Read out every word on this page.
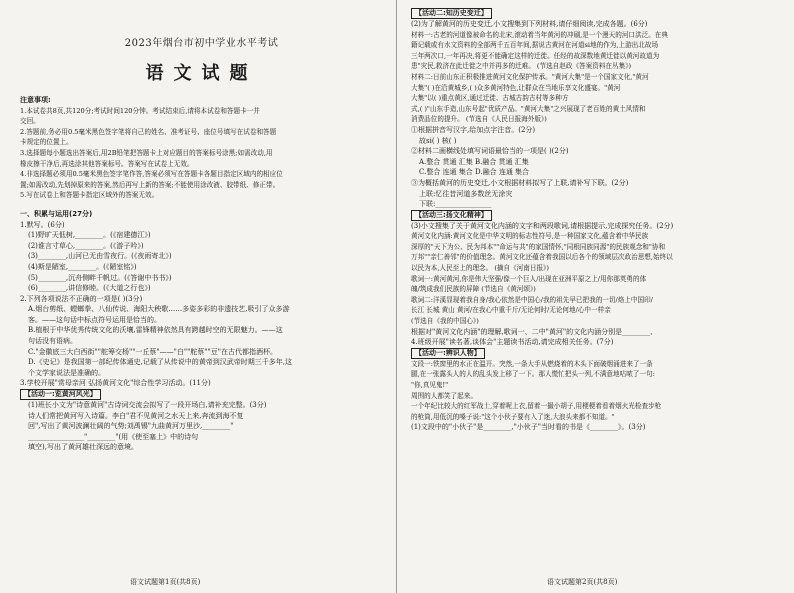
2023年烟台市初中学业水平考试
语文试题
注意事项:
1.本试卷共8页,共120分;考试时间120分钟。考试结束后,请将本试卷和答题卡一并
交回。
2.答题前,务必用0.5毫米黑色签字笔将自己的姓名、准考证号、座位号填写在试卷和答题
卡规定的位置上。
3.选择题每小题选出答案后,用2B铅笔把答题卡上对应题目的答案标号涂黑;如需改动,用
橡皮擦干净后,再选涂其他答案标号。答案写在试卷上无效。
4.非选择题必须用0.5毫米黑色签字笔作答,答案必须写在答题卡各题目指定区域内的相应位
置;如需改动,先划掉原来的答案,然后再写上新的答案;不能使用涂改液、胶带纸、修正带。
5.写在试卷上和答题卡指定区域外的答案无效。
一、积累与运用(27分)
1.默写。(6分)
(1)野旷天低树,________。(《宿建德江》)
(2)谁言寸草心,________。(《游子吟》)
(3)________,山河已无由雪夜行。(《夜雨寄北》)
(4)斯是陋室,________。(《陋室铭》)
(5)________,沉舟侧畔千帆过。(《答谢中书书》)
(6)________,讲信修睦。(《大道之行也》)
2.下列各项说法不正确的一项是( )(3分)
A.烟台剪纸、螳螂拳、八仙传说、海阳大秧歌……多姿多彩的非遗技艺,吸引了众多游
客。——这句话中标点符号运用是恰当的。
B.植根于中华优秀传统文化的沃壤,雷锋精神依然具有跨越时空的无限魅力。——这
句话没有语病。
C."金徽底三大白西街""舵筹交杨""一丘蔡"——"白""舵蔡""豆"在古代都指酒杯。
D.《史记》是我国第一部纪传体通史,记载了从传说中的黄帝到汉武帝时期三千多年,这
个文学家说法是准确的。
3.学校开展"赏母亲河 弘扬黄河文化"综合性学习活动。(11分)
【活动一:览黄河风光】
(1)班长小文为"诗意黄河"古诗词交流会拟写了一段开场白,请补充完整。(3分)
诗人们常把黄河写入诗篇。李白"君不见黄河之水天上来,奔流到海不复
回",写出了黄河波澜壮阔的气势;刘禹锡"九曲黄河万里沙,________"
________________"________"(用《使至塞上》中的诗句
填空),写出了黄河雄壮深远的意境。
语文试题第1页(共8页)
【活动二:知历史变迁】
(2)为了解黄河的历史变迁,小文搜集到下列材料,请仔细阅读,完成各题。(6分)
材料一:古老的河道像被命名的北宋,滚动着当年黄河的冲刷,是一个漫天的河口洪泛。在典
籍记载或有水文资料的全部两千五百年间,据说古黄河在河道si地的作为,上游出北故场
三年两次口,一年再决,将更不能确定这样的迁徙。任经的故深数地黄迁徙以黄河故道为
患"灾民,救济在此迁徙之中并再多的迁难。 (节选自赵政《答案资料在丛集》)
材料二:日前山东正积极推进黄河文化保护传承。"黄河大集"是一个国家文化,"黄河
大集"( )在沿黄城乡,( )众多黄河特色,让群众在当地乐享文化盛宴。"黄河
大集"以( )重点黄区,通过迁徙、古城古韵古村等多种方
式,( )"山东手造,山东号起"优质产品。"黄河大集"之兴展现了老百姓的黄土风情和
消费品位的提升。 (节选自《人民日报海外版》)
①根据拼音写汉字,给加点字注音。(2分)
故si( ) 核( )
②材料二画横线处填写词语最恰当的一项是( )(2分)
A.整合 贯通 汇集 B.融合 贯通 汇集
C.整合 连通 集合 D.融合 连通 集合
③为概括黄河的历史变迁,小文根据材料拟写了上联,请补写下联。(2分)
上联:忆往昔河道多数丝无涂灾
下联:________________
【活动三:扬文化精神】
(3)小文搜集了关于黄河文化内涵的文字和两段歌词,请根据提示,完成探究任务。(2分)
黄河文化内涵:黄河文化是中华文明的标志性符号,是一种国家文化,蕴含着中华民族
深厚的"天下为公、民为邦本""命运与共"的家国情怀,"同根同族同源"的民族观念和"协和
万邦""亲仁善邻"的价值理念。黄河文化还蕴含着我国以后各个的领域层次政治思想,始终以
以民为本,人民至上的理念。 (摘自《河南日报》)
歌词一:黄河黄河,你是伟大坚强/像一个巨人/出现在亚洲平原之上/用你那英勇的体
魄/筑成我们民族的屏障 (节选自《黄河颂》)
歌词二:洋溪显现着我自身/我心依然是中国心/我的祖先早已把我的一切/烙上中国印/
长江 长城 黄山 黄河/在我心中重千斤/无论何时/无论何地/心中一样亲
(节选自《我的中国心》)
根据对"黄河文化内涵"的理解,歌词一、二中"黄河"的文化内涵分别是________、
4.班级开展"读名著,谈体会"主题读书活动,请完成相关任务。(7分)
【活动一:辨识人物】
文段一:铁窗里的水正在温开。突然,一条大手从燃烧着的木头下面破烟涌进来了一条
腿,在一张露头人的人的乱头发上移了一下。那人慌忙把头一列,不满意地咕哝了一句:
"你,真见鬼!"
周围的人都笑了起来。
一个年纪比较大的红军战士,穿着呢上衣,留着一撮小胡子,用梗梗着看着烟火光检查步枪
的枪筒,用低沉的嗓子说:"这个小伙子要有入了迷,大浪头来都不知道。"
(1)文段中的"小伙子"是________,"小伙子"当时看的书是《________》。(3分)
语文试题第2页(共8页)
